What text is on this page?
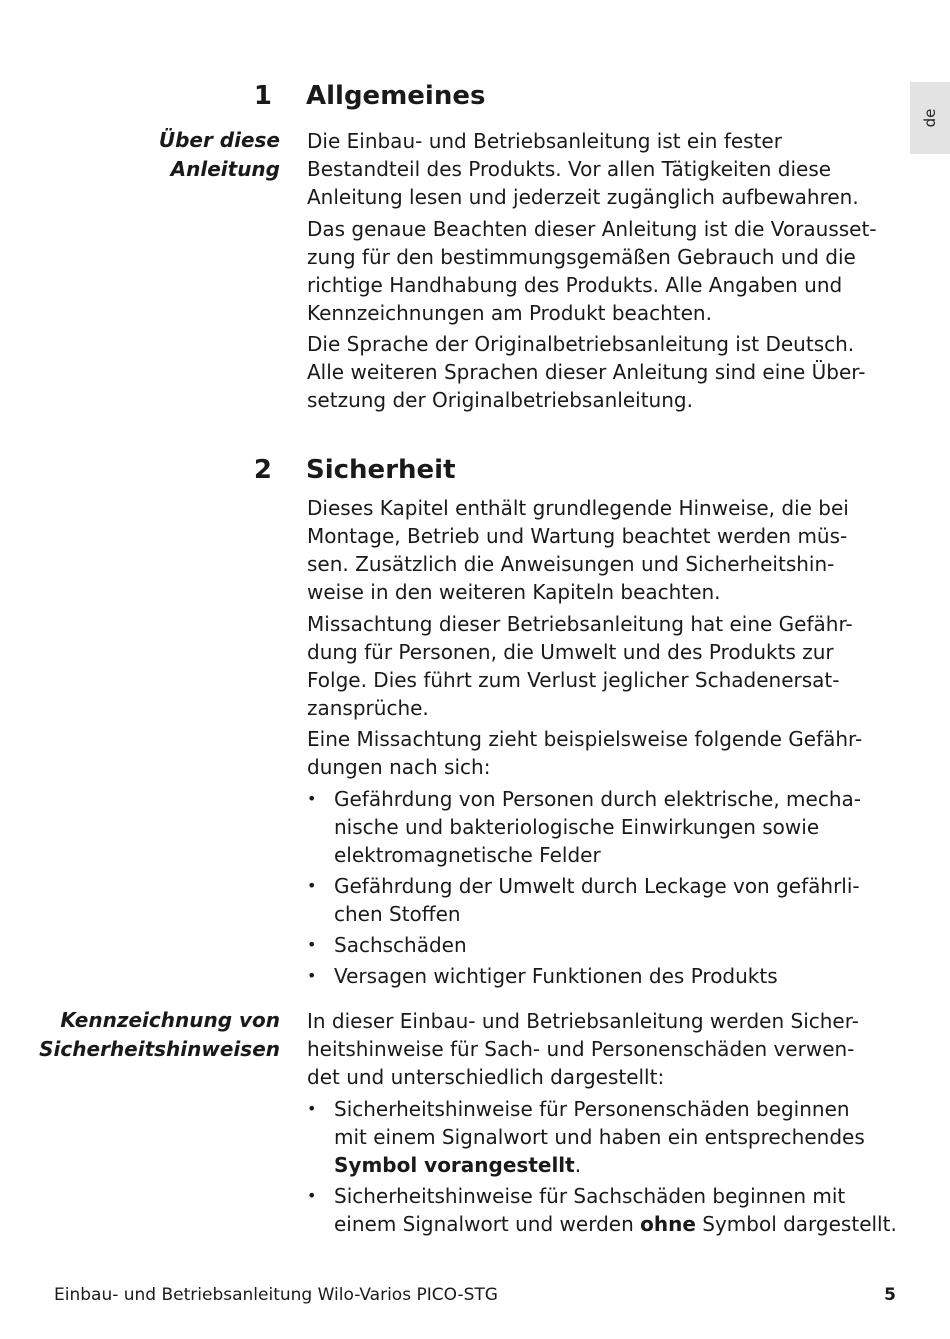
de
1 Allgemeines
Über diese
Anleitung
Die Einbau- und Betriebsanleitung ist ein fester
Bestandteil des Produkts. Vor allen Tätigkeiten diese
Anleitung lesen und jederzeit zugänglich aufbewahren.
Das genaue Beachten dieser Anleitung ist die Vorausset-
zung für den bestimmungsgemäßen Gebrauch und die
richtige Handhabung des Produkts. Alle Angaben und
Kennzeichnungen am Produkt beachten.
Die Sprache der Originalbetriebsanleitung ist Deutsch.
Alle weiteren Sprachen dieser Anleitung sind eine Über-
setzung der Originalbetriebsanleitung.
2 Sicherheit
Dieses Kapitel enthält grundlegende Hinweise, die bei
Montage, Betrieb und Wartung beachtet werden müs-
sen. Zusätzlich die Anweisungen und Sicherheitshin-
weise in den weiteren Kapiteln beachten.
Missachtung dieser Betriebsanleitung hat eine Gefähr-
dung für Personen, die Umwelt und des Produkts zur
Folge. Dies führt zum Verlust jeglicher Schadenersat-
zansprüche.
Eine Missachtung zieht beispielsweise folgende Gefähr-
dungen nach sich:
• Gefährdung von Personen durch elektrische, mecha-
nische und bakteriologische Einwirkungen sowie
elektromagnetische Felder
• Gefährdung der Umwelt durch Leckage von gefährli-
chen Stoffen
• Sachschäden
• Versagen wichtiger Funktionen des Produkts
Kennzeichnung von
Sicherheitshinweisen
In dieser Einbau- und Betriebsanleitung werden Sicher-
heitshinweise für Sach- und Personenschäden verwen-
det und unterschiedlich dargestellt:
• Sicherheitshinweise für Personenschäden beginnen
mit einem Signalwort und haben ein entsprechendes
Symbol vorangestellt.
• Sicherheitshinweise für Sachschäden beginnen mit
einem Signalwort und werden ohne Symbol dargestellt.
Einbau- und Betriebsanleitung Wilo-Varios PICO-STG	5
